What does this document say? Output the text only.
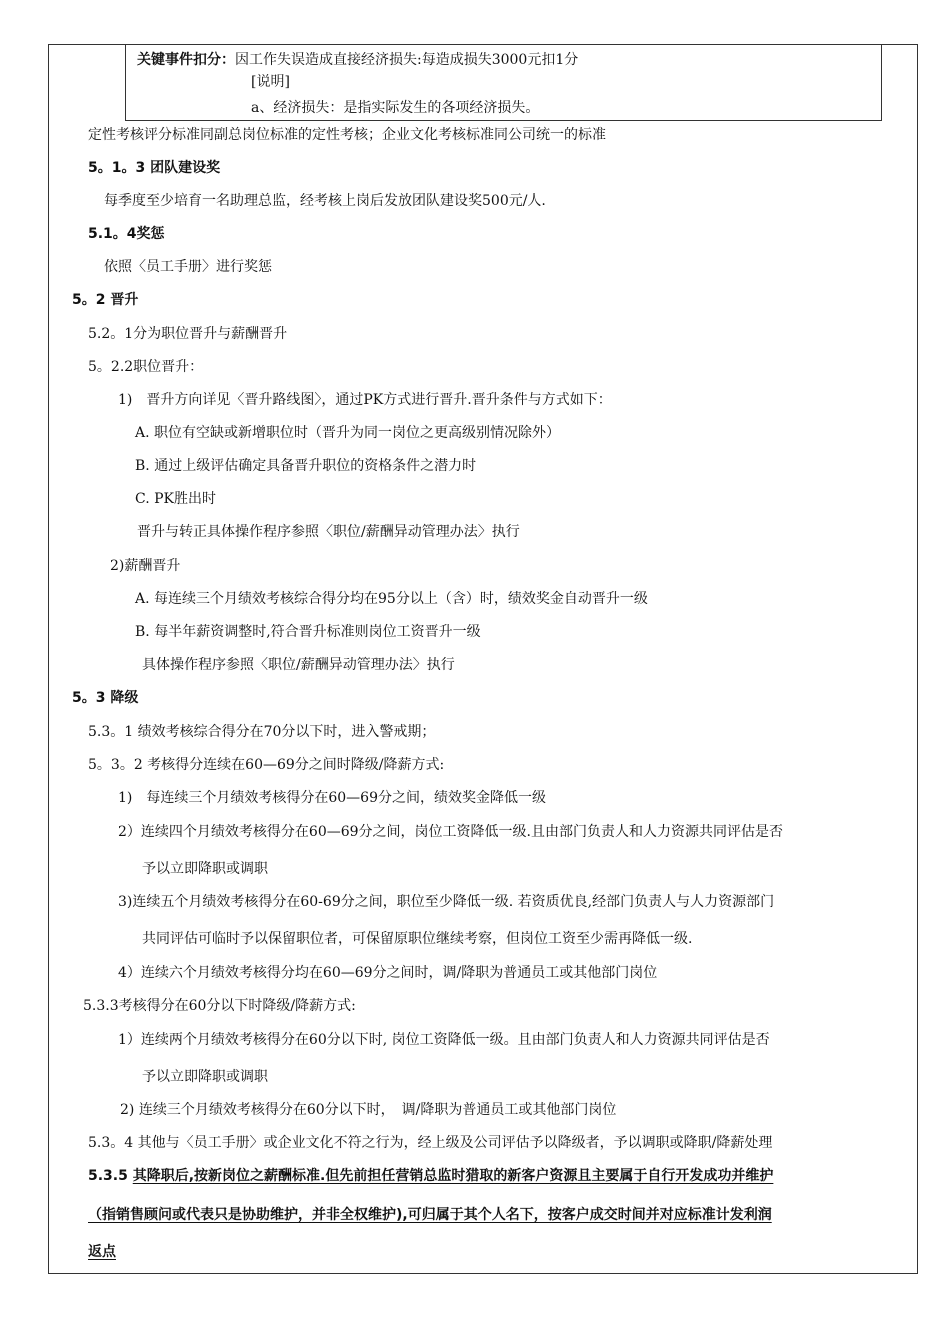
关键事件扣分：因工作失误造成直接经济损失:每造成损失3000元扣1分
[说明]
a、经济损失：是指实际发生的各项经济损失。
定性考核评分标准同副总岗位标准的定性考核；企业文化考核标准同公司统一的标准
5。1。3 团队建设奖
每季度至少培育一名助理总监，经考核上岗后发放团队建设奖500元/人.
5.1。4奖惩
依照〈员工手册〉进行奖惩
5。2 晋升
5.2。1分为职位晋升与薪酬晋升
5。2.2职位晋升：
1)　晋升方向详见〈晋升路线图〉，通过PK方式进行晋升.晋升条件与方式如下：
A. 职位有空缺或新增职位时（晋升为同一岗位之更高级别情况除外）
B. 通过上级评估确定具备晋升职位的资格条件之潜力时
C. PK胜出时
晋升与转正具体操作程序参照〈职位/薪酬异动管理办法〉执行
2)薪酬晋升
A. 每连续三个月绩效考核综合得分均在95分以上（含）时，绩效奖金自动晋升一级
B. 每半年薪资调整时,符合晋升标准则岗位工资晋升一级
具体操作程序参照〈职位/薪酬异动管理办法〉执行
5。3 降级
5.3。1 绩效考核综合得分在70分以下时，进入警戒期；
5。3。2 考核得分连续在60—69分之间时降级/降薪方式:
1)　每连续三个月绩效考核得分在60—69分之间，绩效奖金降低一级
2）连续四个月绩效考核得分在60—69分之间，岗位工资降低一级.且由部门负责人和人力资源共同评估是否
予以立即降职或调职
3)连续五个月绩效考核得分在60-69分之间，职位至少降低一级. 若资质优良,经部门负责人与人力资源部门
共同评估可临时予以保留职位者，可保留原职位继续考察，但岗位工资至少需再降低一级.
4）连续六个月绩效考核得分均在60—69分之间时，调/降职为普通员工或其他部门岗位
5.3.3考核得分在60分以下时降级/降薪方式:
1）连续两个月绩效考核得分在60分以下时, 岗位工资降低一级。且由部门负责人和人力资源共同评估是否
予以立即降职或调职
2) 连续三个月绩效考核得分在60分以下时，　调/降职为普通员工或其他部门岗位
5.3。4 其他与〈员工手册〉或企业文化不符之行为，经上级及公司评估予以降级者，予以调职或降职/降薪处理
5.3.5 其降职后,按新岗位之薪酬标准.但先前担任营销总监时猎取的新客户资源且主要属于自行开发成功并维护
（指销售顾问或代表只是协助维护，并非全权维护),可归属于其个人名下，按客户成交时间并对应标准计发利润
返点
